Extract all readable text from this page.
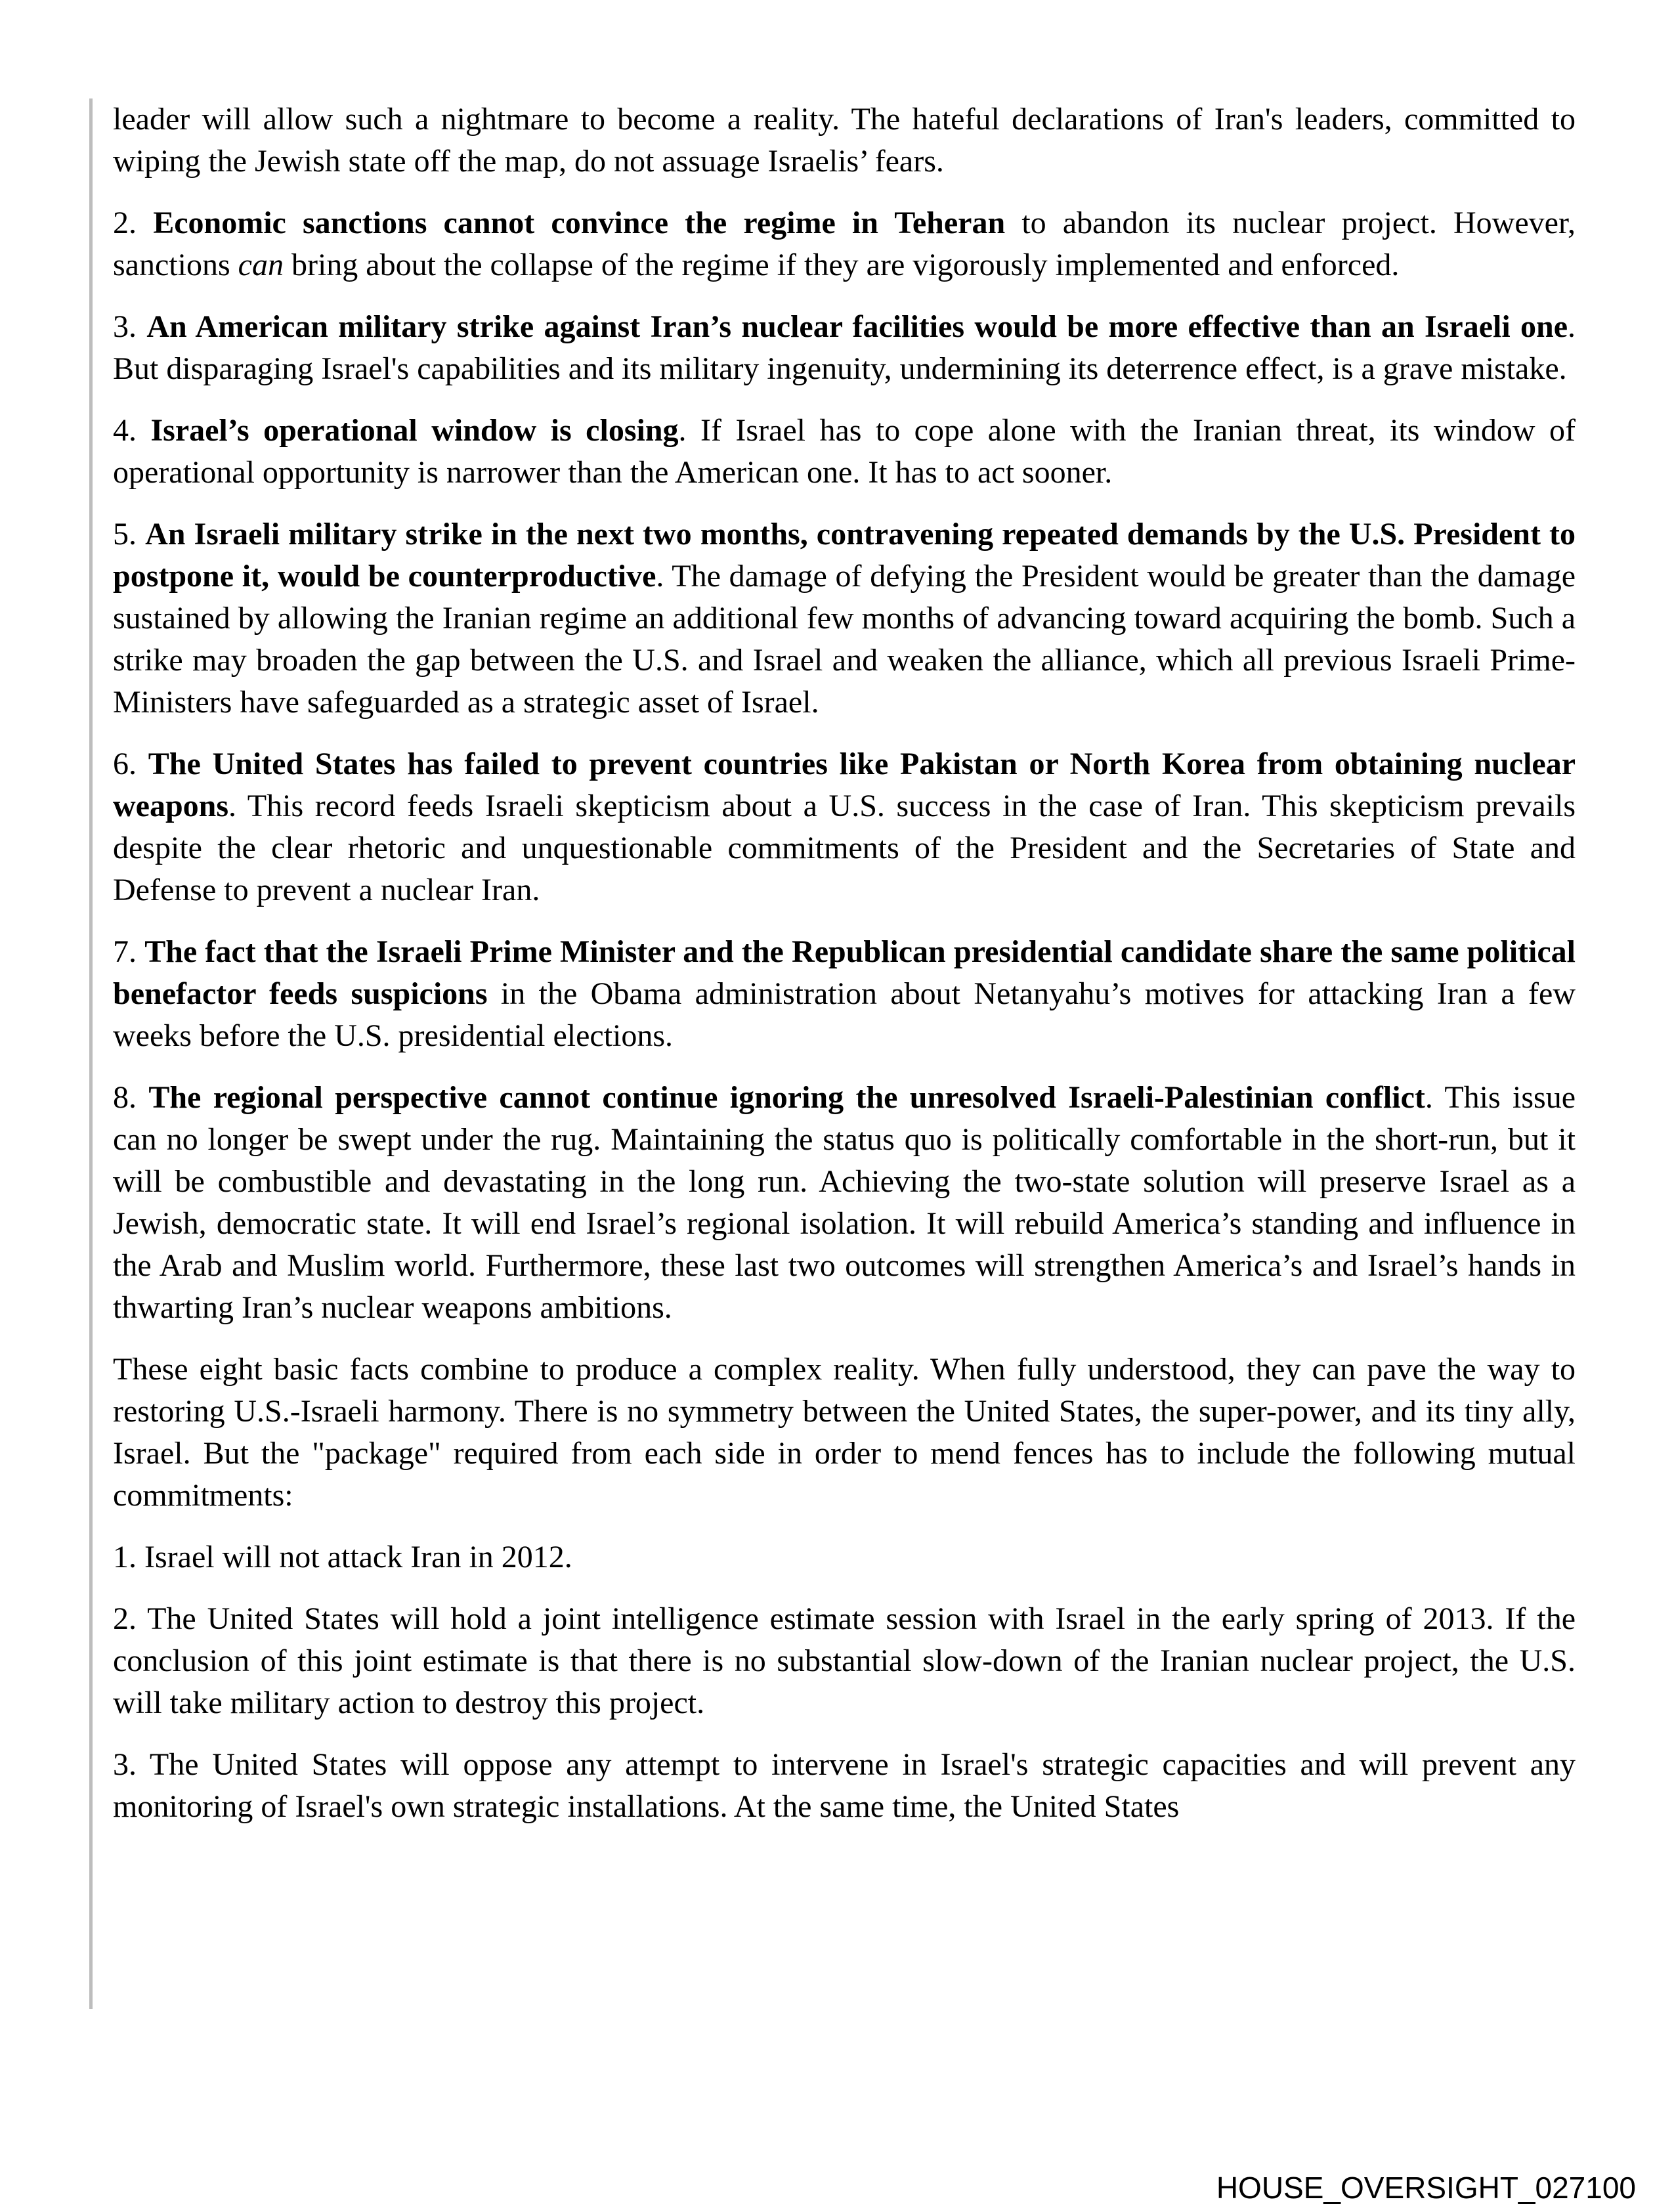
leader will allow such a nightmare to become a reality. The hateful declarations of Iran's leaders, committed to wiping the Jewish state off the map, do not assuage Israelis’ fears.

2. Economic sanctions cannot convince the regime in Teheran to abandon its nuclear project. However, sanctions can bring about the collapse of the regime if they are vigorously implemented and enforced.

3. An American military strike against Iran’s nuclear facilities would be more effective than an Israeli one. But disparaging Israel's capabilities and its military ingenuity, undermining its deterrence effect, is a grave mistake.

4. Israel’s operational window is closing. If Israel has to cope alone with the Iranian threat, its window of operational opportunity is narrower than the American one. It has to act sooner.

5. An Israeli military strike in the next two months, contravening repeated demands by the U.S. President to postpone it, would be counterproductive. The damage of defying the President would be greater than the damage sustained by allowing the Iranian regime an additional few months of advancing toward acquiring the bomb. Such a strike may broaden the gap between the U.S. and Israel and weaken the alliance, which all previous Israeli Prime-Ministers have safeguarded as a strategic asset of Israel.

6. The United States has failed to prevent countries like Pakistan or North Korea from obtaining nuclear weapons. This record feeds Israeli skepticism about a U.S. success in the case of Iran. This skepticism prevails despite the clear rhetoric and unquestionable commitments of the President and the Secretaries of State and Defense to prevent a nuclear Iran.

7. The fact that the Israeli Prime Minister and the Republican presidential candidate share the same political benefactor feeds suspicions in the Obama administration about Netanyahu’s motives for attacking Iran a few weeks before the U.S. presidential elections.

8. The regional perspective cannot continue ignoring the unresolved Israeli-Palestinian conflict. This issue can no longer be swept under the rug. Maintaining the status quo is politically comfortable in the short-run, but it will be combustible and devastating in the long run. Achieving the two-state solution will preserve Israel as a Jewish, democratic state. It will end Israel’s regional isolation. It will rebuild America’s standing and influence in the Arab and Muslim world. Furthermore, these last two outcomes will strengthen America’s and Israel’s hands in thwarting Iran’s nuclear weapons ambitions.

These eight basic facts combine to produce a complex reality. When fully understood, they can pave the way to restoring U.S.-Israeli harmony. There is no symmetry between the United States, the super-power, and its tiny ally, Israel. But the "package" required from each side in order to mend fences has to include the following mutual commitments:

1. Israel will not attack Iran in 2012.

2. The United States will hold a joint intelligence estimate session with Israel in the early spring of 2013. If the conclusion of this joint estimate is that there is no substantial slow-down of the Iranian nuclear project, the U.S. will take military action to destroy this project.

3. The United States will oppose any attempt to intervene in Israel's strategic capacities and will prevent any monitoring of Israel's own strategic installations. At the same time, the United States

HOUSE_OVERSIGHT_027100
